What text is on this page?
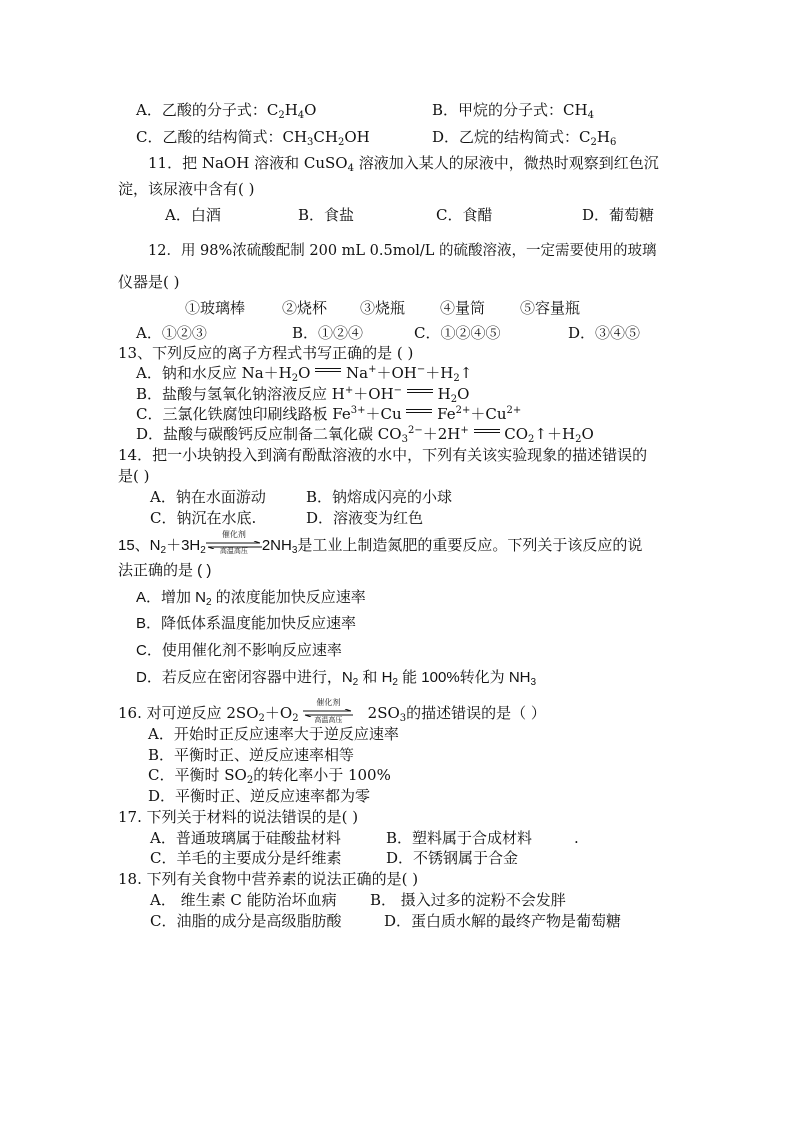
A．乙酸的分子式：$C_2H_4O$	B．甲烷的分子式：$CH_4$
C．乙酸的结构简式：$CH_3CH_2OH$	D．乙烷的结构简式：$C_2H_6$
11．把 NaOH 溶液和 CuSO$_4$ 溶液加入某人的尿液中，微热时观察到红色沉
淀，该尿液中含有( )
A．白酒	B．食盐	C．食醋	D．葡萄糖
12．用 98%浓硫酸配制 200 mL 0.5mol/L 的硫酸溶液，一定需要使用的玻璃
仪器是( )
①玻璃棒 ②烧杯 ③烧瓶 ④量筒 ⑤容量瓶
A．①②③	B．①②④	C．①②④⑤	D．③④⑤
13、下列反应的离子方程式书写正确的是 ( )
A．钠和水反应 $Na+H_2O$  $Na^++OH^-+H_2↑$
B．盐酸与氢氧化钠溶液反应 H+＋OH−  $H_2O$
C．三氯化铁腐蚀印刷线路板 $Fe^{3+}+Cu$  $Fe^{2+}+Cu^{2+}$
D．盐酸与碳酸钙反应制备二氧化碳 $CO_3^{2-}+2H^+$  $CO_2↑+H_2O$
14．把一小块钠投入到滴有酚酞溶液的水中，下列有关该实验现象的描述错误的
是( )
A．钠在水面游动	B．钠熔成闪亮的小球
C．钠沉在水底.	D．溶液变为红色
15、$N_2+3H_2$
催化剂
高温高压 $2NH_3$是工业上制造氮肥的重要反应。下列关于该反应的说
法正确的是 ( )
A．增加 $N_2$ 的浓度能加快反应速率
B．降低体系温度能加快反应速率
C．使用催化剂不影响反应速率
D．若反应在密闭容器中进行，$N_2$ 和 $H_2$ 能 100%转化为 $NH_3$
16. 对可逆反应 $2SO_2+O_2$
催化剂
高温高压 $2SO_3$的描述错误的是（ ）
A．开始时正反应速率大于逆反应速率
B．平衡时正、逆反应速率相等
C．平衡时 $SO_2$的转化率小于 100%
D．平衡时正、逆反应速率都为零
17. 下列关于材料的说法错误的是( )
A．普通玻璃属于硅酸盐材料	B．塑料属于合成材料	.
C．羊毛的主要成分是纤维素	D．不锈钢属于合金
18. 下列有关食物中营养素的说法正确的是( )
A． 维生素 C 能防治坏血病 B． 摄入过多的淀粉不会发胖
C．油脂的成分是高级脂肪酸	D．蛋白质水解的最终产物是葡萄糖
